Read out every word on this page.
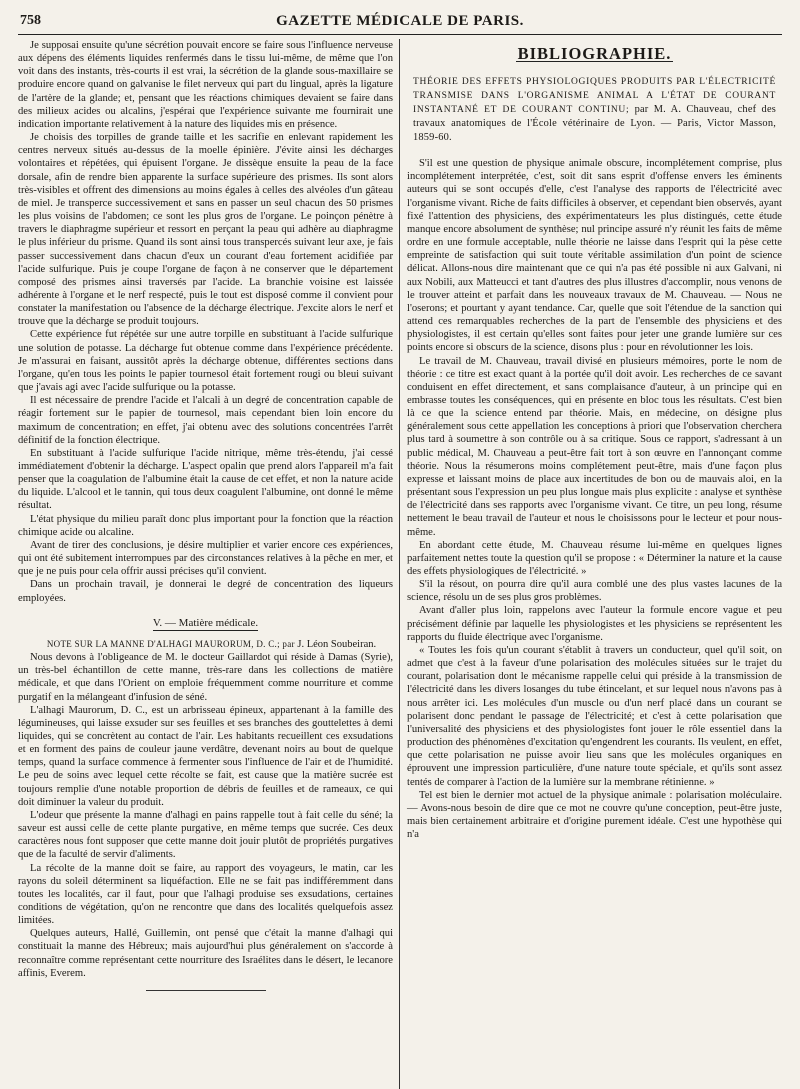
758	GAZETTE MÉDICALE DE PARIS.

Je supposai ensuite qu'une sécrétion pouvait encore se faire sous l'influence nerveuse aux dépens des éléments liquides renfermés dans le tissu lui-même, de même que l'on voit dans des instants, très-courts il est vrai, la sécrétion de la glande sous-maxillaire se produire encore quand on galvanise le filet nerveux qui part du lingual, après la ligature de l'artère de la glande; et, pensant que les réactions chimiques devaient se faire dans des milieux acides ou alcalins, j'espérai que l'expérience suivante me fournirait une indication importante relativement à la nature des liquides mis en présence.

Je choisis des torpilles de grande taille et les sacrifie en enlevant rapidement les centres nerveux situés au-dessus de la moelle épinière. J'évite ainsi les décharges volontaires et répétées, qui épuisent l'organe. Je dissèque ensuite la peau de la face dorsale, afin de rendre bien apparente la surface supérieure des prismes. Ils sont alors très-visibles et offrent des dimensions au moins égales à celles des alvéoles d'un gâteau de miel. Je transperce successivement et sans en passer un seul chacun des 50 prismes les plus voisins de l'abdomen; ce sont les plus gros de l'organe. Le poinçon pénètre à travers le diaphragme supérieur et ressort en perçant la peau qui adhère au diaphragme le plus inférieur du prisme. Quand ils sont ainsi tous transpercés suivant leur axe, je fais passer successivement dans chacun d'eux un courant d'eau fortement acidifiée par l'acide sulfurique. Puis je coupe l'organe de façon à ne conserver que le département composé des prismes ainsi traversés par l'acide. La branchie voisine est laissée adhérente à l'organe et le nerf respecté, puis le tout est disposé comme il convient pour constater la manifestation ou l'absence de la décharge électrique. J'excite alors le nerf et trouve que la décharge se produit toujours.

Cette expérience fut répétée sur une autre torpille en substituant à l'acide sulfurique une solution de potasse. La décharge fut obtenue comme dans l'expérience précédente. Je m'assurai en faisant, aussitôt après la décharge obtenue, différentes sections dans l'organe, qu'en tous les points le papier tournesol était fortement rougi ou bleui suivant que j'avais agi avec l'acide sulfurique ou la potasse.

Il est nécessaire de prendre l'acide et l'alcali à un degré de concentration capable de réagir fortement sur le papier de tournesol, mais cependant bien loin encore du maximum de concentration; en effet, j'ai obtenu avec des solutions concentrées l'arrêt définitif de la fonction électrique.

En substituant à l'acide sulfurique l'acide nitrique, même très-étendu, j'ai cessé immédiatement d'obtenir la décharge. L'aspect opalin que prend alors l'appareil m'a fait penser que la coagulation de l'albumine était la cause de cet effet, et non la nature acide du liquide. L'alcool et le tannin, qui tous deux coagulent l'albumine, ont donné le même résultat.

L'état physique du milieu paraît donc plus important pour la fonction que la réaction chimique acide ou alcaline.

Avant de tirer des conclusions, je désire multiplier et varier encore ces expériences, qui ont été subitement interrompues par des circonstances relatives à la pêche en mer, et que je ne puis pour cela offrir aussi précises qu'il convient.

Dans un prochain travail, je donnerai le degré de concentration des liqueurs employées.

V. — Matière médicale.

NOTE SUR LA MANNE D'ALHAGI MAURORUM, D. C.; par J. Léon Soubeiran.

Nous devons à l'obligeance de M. le docteur Gaillardot qui réside à Damas (Syrie), un très-bel échantillon de cette manne, très-rare dans les collections de matière médicale, et que dans l'Orient on emploie fréquemment comme nourriture et comme purgatif en la mélangeant d'infusion de séné.

L'alhagi Maurorum, D. C., est un arbrisseau épineux, appartenant à la famille des légumineuses, qui laisse exsuder sur ses feuilles et ses branches des gouttelettes à demi liquides, qui se concrètent au contact de l'air. Les habitants recueillent ces exsudations et en forment des pains de couleur jaune verdâtre, devenant noirs au bout de quelque temps, quand la surface commence à fermenter sous l'influence de l'air et de l'humidité. Le peu de soins avec lequel cette récolte se fait, est cause que la matière sucrée est toujours remplie d'une notable proportion de débris de feuilles et de rameaux, ce qui doit diminuer la valeur du produit.

L'odeur que présente la manne d'alhagi en pains rappelle tout à fait celle du séné; la saveur est aussi celle de cette plante purgative, en même temps que sucrée. Ces deux caractères nous font supposer que cette manne doit jouir plutôt de propriétés purgatives que de la faculté de servir d'aliments.

La récolte de la manne doit se faire, au rapport des voyageurs, le matin, car les rayons du soleil déterminent sa liquéfaction. Elle ne se fait pas indifféremment dans toutes les localités, car il faut, pour que l'alhagi produise ses exsudations, certaines conditions de végétation, qu'on ne rencontre que dans des localités quelquefois assez limitées.

Quelques auteurs, Hallé, Guillemin, ont pensé que c'était la manne d'alhagi qui constituait la manne des Hébreux; mais aujourd'hui plus généralement on s'accorde à reconnaître comme représentant cette nourriture des Israélites dans le désert, le lecanore affinis, Everem.

BIBLIOGRAPHIE.

THÉORIE DES EFFETS PHYSIOLOGIQUES PRODUITS PAR L'ÉLECTRICITÉ TRANSMISE DANS L'ORGANISME ANIMAL A L'ÉTAT DE COURANT INSTANTANÉ ET DE COURANT CONTINU; par M. A. Chauveau, chef des travaux anatomiques de l'École vétérinaire de Lyon. — Paris, Victor Masson, 1859-60.

S'il est une question de physique animale obscure, incomplétement comprise, plus incomplétement interprétée, c'est, soit dit sans esprit d'offense envers les éminents auteurs qui se sont occupés d'elle, c'est l'analyse des rapports de l'électricité avec l'organisme vivant. Riche de faits difficiles à observer, et cependant bien observés, ayant fixé l'attention des physiciens, des expérimentateurs les plus distingués, cette étude manque encore absolument de synthèse; nul principe assuré n'y réunit les faits de même ordre en une formule acceptable, nulle théorie ne laisse dans l'esprit qui la pèse cette empreinte de satisfaction qui suit toute véritable assimilation d'un point de science délicat. Allons-nous dire maintenant que ce qui n'a pas été possible ni aux Galvani, ni aux Nobili, aux Matteucci et tant d'autres des plus illustres d'accomplir, nous venons de le trouver atteint et parfait dans les nouveaux travaux de M. Chauveau. — Nous ne l'oserons; et pourtant y ayant tendance. Car, quelle que soit l'étendue de la sanction qui attend ces remarquables recherches de la part de l'ensemble des physiciens et des physiologistes, il est certain qu'elles sont faites pour jeter une grande lumière sur ces points encore si obscurs de la science, disons plus : pour en révolutionner les lois.

Le travail de M. Chauveau, travail divisé en plusieurs mémoires, porte le nom de théorie : ce titre est exact quant à la portée qu'il doit avoir. Les recherches de ce savant conduisent en effet directement, et sans complaisance d'auteur, à un principe qui en embrasse toutes les conséquences, qui en présente en bloc tous les résultats. C'est bien là ce que la science entend par théorie. Mais, en médecine, on désigne plus généralement sous cette appellation les conceptions à priori que l'observation cherchera plus tard à soumettre à son contrôle ou à sa critique. Sous ce rapport, s'adressant à un public médical, M. Chauveau a peut-être fait tort à son œuvre en l'annonçant comme théorie. Nous la résumerons moins complétement peut-être, mais d'une façon plus expresse et laissant moins de place aux incertitudes de bon ou de mauvais aloi, en la présentant sous l'expression un peu plus longue mais plus explicite : analyse et synthèse de l'électricité dans ses rapports avec l'organisme vivant. Ce titre, un peu long, résume nettement le beau travail de l'auteur et nous le choisissons pour le lecteur et pour nous-même.

En abordant cette étude, M. Chauveau résume lui-même en quelques lignes parfaitement nettes toute la question qu'il se propose : « Déterminer la nature et la cause des effets physiologiques de l'électricité. »

S'il la résout, on pourra dire qu'il aura comblé une des plus vastes lacunes de la science, résolu un de ses plus gros problèmes.

Avant d'aller plus loin, rappelons avec l'auteur la formule encore vague et peu précisément définie par laquelle les physiologistes et les physiciens se représentent les rapports du fluide électrique avec l'organisme.

« Toutes les fois qu'un courant s'établit à travers un conducteur, quel qu'il soit, on admet que c'est à la faveur d'une polarisation des molécules situées sur le trajet du courant, polarisation dont le mécanisme rappelle celui qui préside à la transmission de l'électricité dans les divers losanges du tube étincelant, et sur lequel nous n'avons pas à nous arrêter ici. Les molécules d'un muscle ou d'un nerf placé dans un courant se polarisent donc pendant le passage de l'électricité; et c'est à cette polarisation que l'universalité des physiciens et des physiologistes font jouer le rôle essentiel dans la production des phénomènes d'excitation qu'engendrent les courants. Ils veulent, en effet, que cette polarisation ne puisse avoir lieu sans que les molécules organiques en éprouvent une impression particulière, d'une nature toute spéciale, et qu'ils sont assez tentés de comparer à l'action de la lumière sur la membrane rétinienne. »

Tel est bien le dernier mot actuel de la physique animale : polarisation moléculaire. — Avons-nous besoin de dire que ce mot ne couvre qu'une conception, peut-être juste, mais bien certainement arbitraire et d'origine purement idéale. C'est une hypothèse qui n'a
